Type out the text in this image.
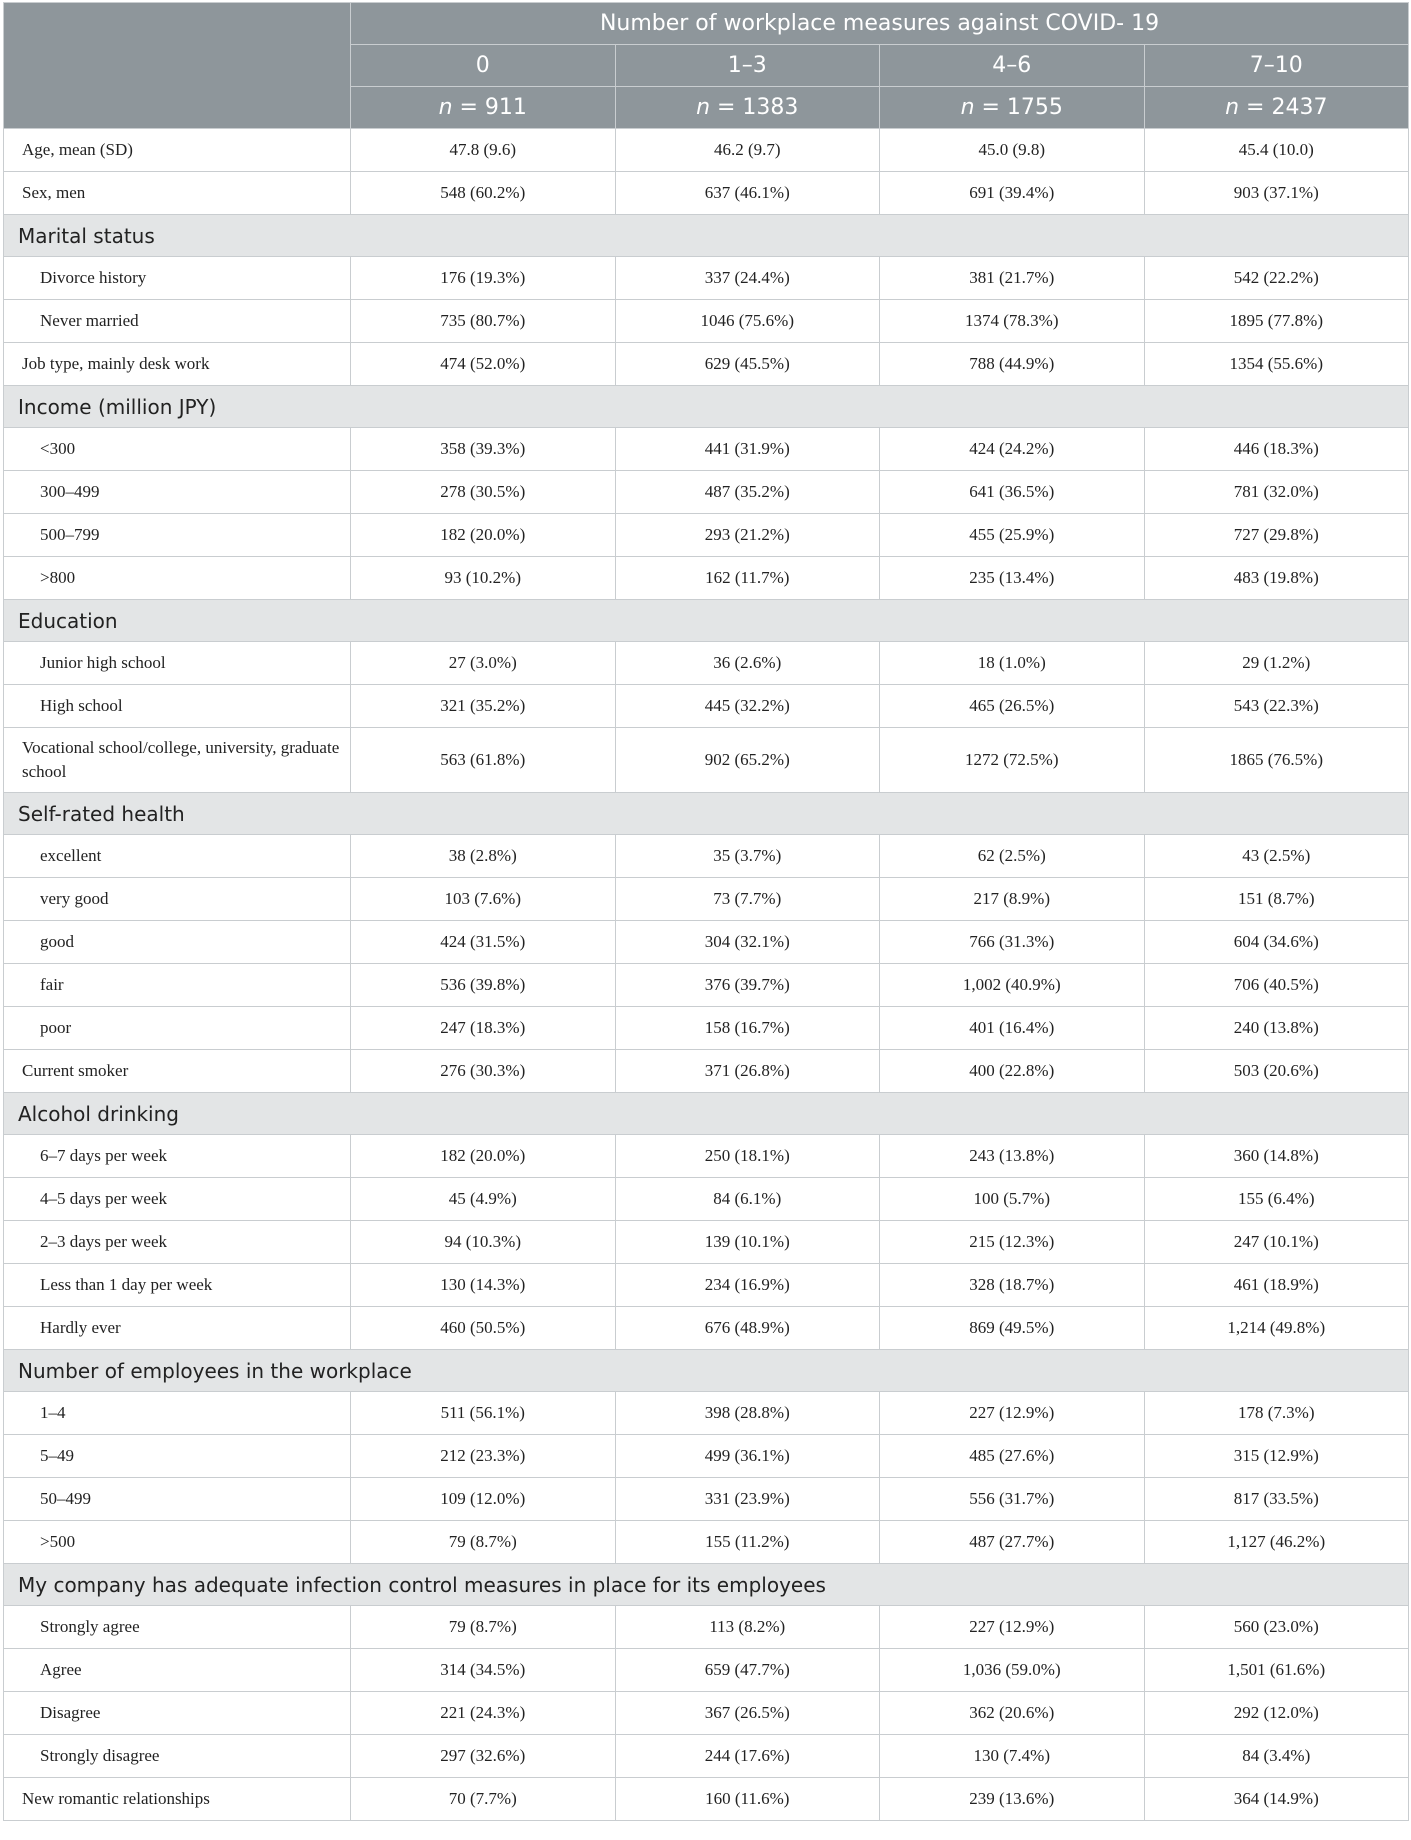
	Number of workplace measures against COVID- 19			
	0	1–3	4–6	7–10
	n = 911	n = 1383	n = 1755	n = 2437
Age, mean (SD)	47.8 (9.6)	46.2 (9.7)	45.0 (9.8)	45.4 (10.0)
Sex, men	548 (60.2%)	637 (46.1%)	691 (39.4%)	903 (37.1%)
Marital status				
Divorce history	176 (19.3%)	337 (24.4%)	381 (21.7%)	542 (22.2%)
Never married	735 (80.7%)	1046 (75.6%)	1374 (78.3%)	1895 (77.8%)
Job type, mainly desk work	474 (52.0%)	629 (45.5%)	788 (44.9%)	1354 (55.6%)
Income (million JPY)				
<300	358 (39.3%)	441 (31.9%)	424 (24.2%)	446 (18.3%)
300–499	278 (30.5%)	487 (35.2%)	641 (36.5%)	781 (32.0%)
500–799	182 (20.0%)	293 (21.2%)	455 (25.9%)	727 (29.8%)
>800	93 (10.2%)	162 (11.7%)	235 (13.4%)	483 (19.8%)
Education				
Junior high school	27 (3.0%)	36 (2.6%)	18 (1.0%)	29 (1.2%)
High school	321 (35.2%)	445 (32.2%)	465 (26.5%)	543 (22.3%)
Vocational school/college, university, graduate school	563 (61.8%)	902 (65.2%)	1272 (72.5%)	1865 (76.5%)
Self-rated health				
excellent	38 (2.8%)	35 (3.7%)	62 (2.5%)	43 (2.5%)
very good	103 (7.6%)	73 (7.7%)	217 (8.9%)	151 (8.7%)
good	424 (31.5%)	304 (32.1%)	766 (31.3%)	604 (34.6%)
fair	536 (39.8%)	376 (39.7%)	1,002 (40.9%)	706 (40.5%)
poor	247 (18.3%)	158 (16.7%)	401 (16.4%)	240 (13.8%)
Current smoker	276 (30.3%)	371 (26.8%)	400 (22.8%)	503 (20.6%)
Alcohol drinking				
6–7 days per week	182 (20.0%)	250 (18.1%)	243 (13.8%)	360 (14.8%)
4–5 days per week	45 (4.9%)	84 (6.1%)	100 (5.7%)	155 (6.4%)
2–3 days per week	94 (10.3%)	139 (10.1%)	215 (12.3%)	247 (10.1%)
Less than 1 day per week	130 (14.3%)	234 (16.9%)	328 (18.7%)	461 (18.9%)
Hardly ever	460 (50.5%)	676 (48.9%)	869 (49.5%)	1,214 (49.8%)
Number of employees in the workplace				
1–4	511 (56.1%)	398 (28.8%)	227 (12.9%)	178 (7.3%)
5–49	212 (23.3%)	499 (36.1%)	485 (27.6%)	315 (12.9%)
50–499	109 (12.0%)	331 (23.9%)	556 (31.7%)	817 (33.5%)
>500	79 (8.7%)	155 (11.2%)	487 (27.7%)	1,127 (46.2%)
My company has adequate infection control measures in place for its employees				
Strongly agree	79 (8.7%)	113 (8.2%)	227 (12.9%)	560 (23.0%)
Agree	314 (34.5%)	659 (47.7%)	1,036 (59.0%)	1,501 (61.6%)
Disagree	221 (24.3%)	367 (26.5%)	362 (20.6%)	292 (12.0%)
Strongly disagree	297 (32.6%)	244 (17.6%)	130 (7.4%)	84 (3.4%)
New romantic relationships	70 (7.7%)	160 (11.6%)	239 (13.6%)	364 (14.9%)
